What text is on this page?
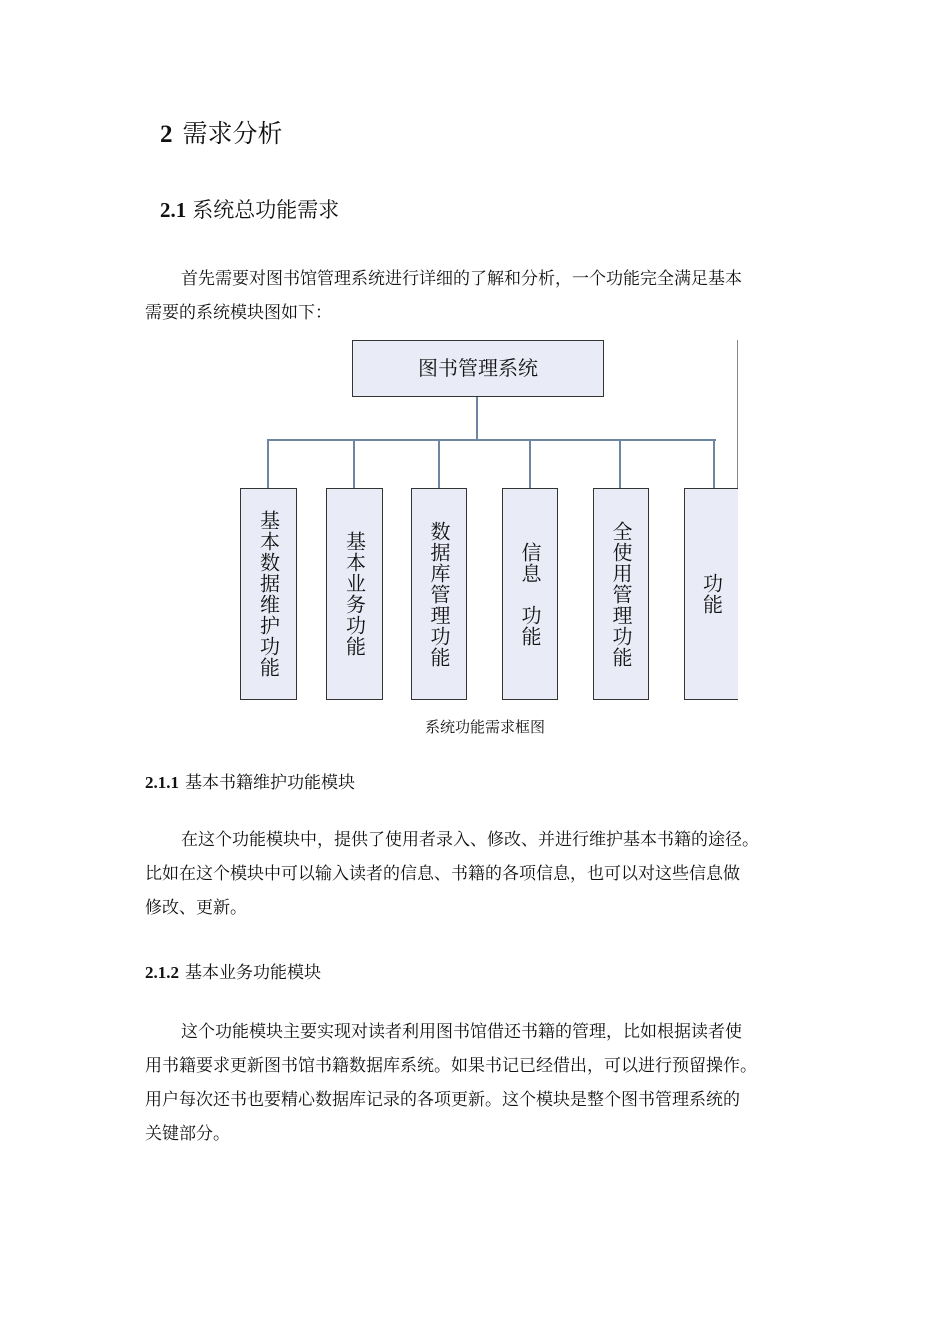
2 需求分析
2.1 系统总功能需求
首先需要对图书馆管理系统进行详细的了解和分析，一个功能完全满足基本
需要的系统模块图如下：
图书管理系统
基本数据维护功能	基本业务功能	数据库管理功能	信息　功能	全使用管理功能	功能
系统功能需求框图
2.1.1 基本书籍维护功能模块
在这个功能模块中，提供了使用者录入、修改、并进行维护基本书籍的途径。
比如在这个模块中可以输入读者的信息、书籍的各项信息，也可以对这些信息做
修改、更新。
2.1.2 基本业务功能模块
这个功能模块主要实现对读者利用图书馆借还书籍的管理，比如根据读者使
用书籍要求更新图书馆书籍数据库系统。如果书记已经借出，可以进行预留操作。
用户每次还书也要精心数据库记录的各项更新。这个模块是整个图书管理系统的
关键部分。
